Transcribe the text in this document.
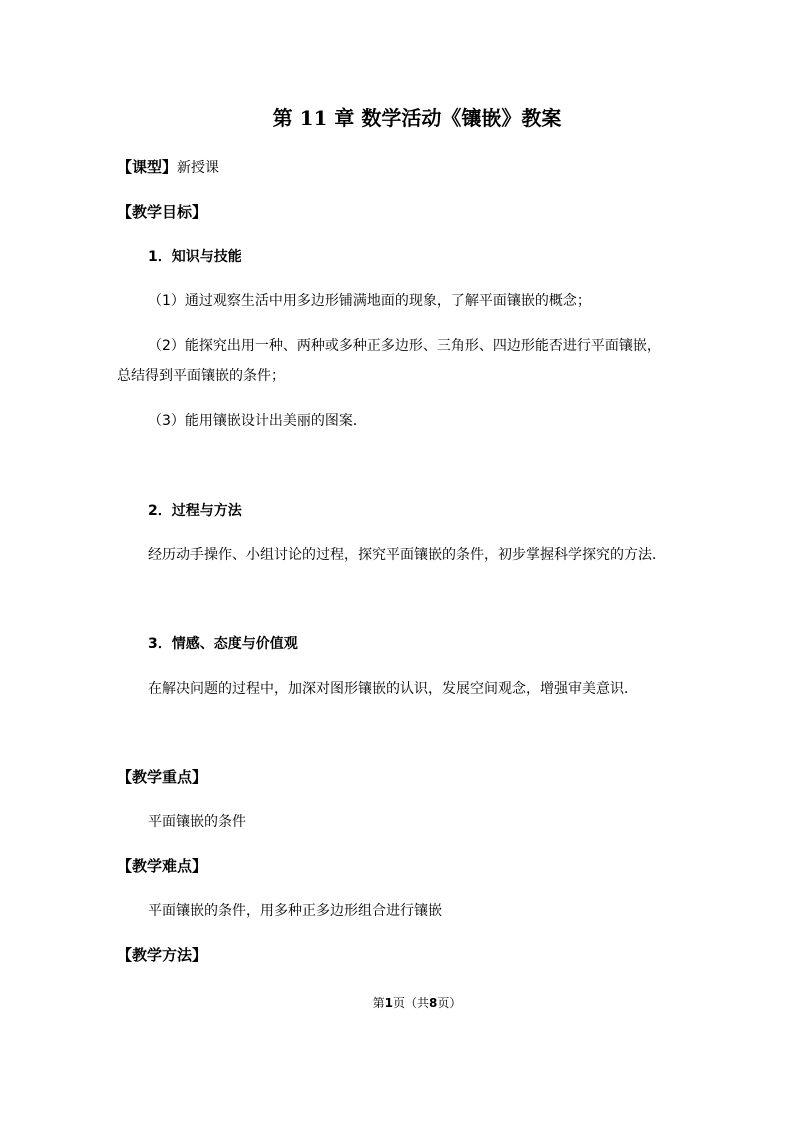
第 11 章 数学活动《镶嵌》教案
【课型】新授课
【教学目标】
1．知识与技能
（1）通过观察生活中用多边形铺满地面的现象，了解平面镶嵌的概念；
（2）能探究出用一种、两种或多种正多边形、三角形、四边形能否进行平面镶嵌，
总结得到平面镶嵌的条件；
（3）能用镶嵌设计出美丽的图案．
2．过程与方法
经历动手操作、小组讨论的过程，探究平面镶嵌的条件，初步掌握科学探究的方法．
3．情感、态度与价值观
在解决问题的过程中，加深对图形镶嵌的认识，发展空间观念，增强审美意识．
【教学重点】
平面镶嵌的条件
【教学难点】
平面镶嵌的条件，用多种正多边形组合进行镶嵌
【教学方法】
第1页（共8页）
